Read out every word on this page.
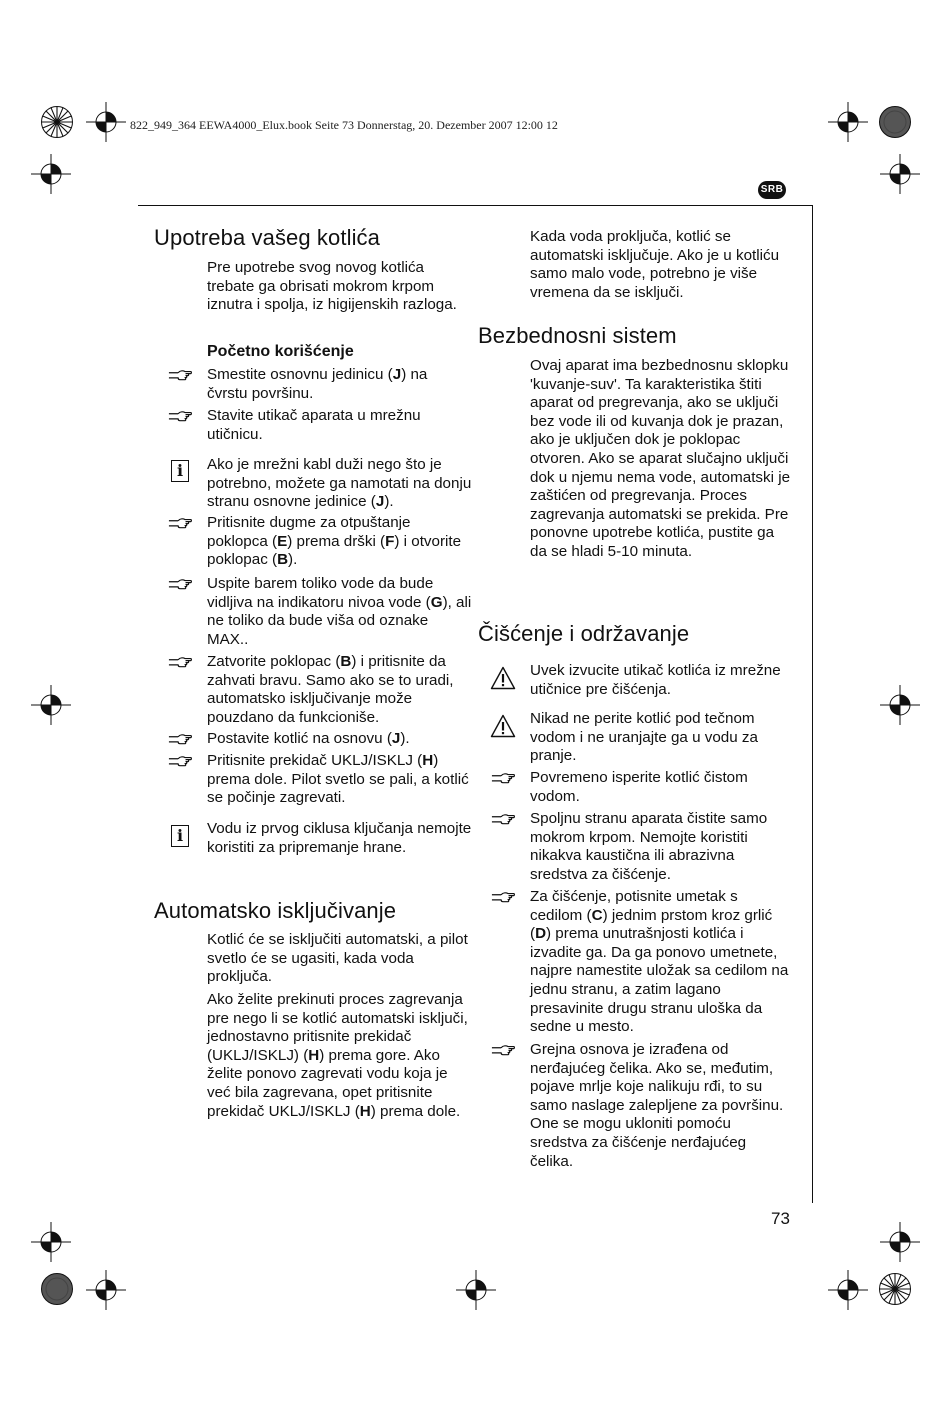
822_949_364 EEWA4000_Elux.book Seite 73 Donnerstag, 20. Dezember 2007 12:00 12
SRB
Upotreba vašeg kotlića

Pre upotrebe svog novog kotlića trebate ga obrisati mokrom krpom iznutra i spolja, iz higijenskih razloga.

Početno korišćenje

Smestite osnovnu jedinicu (J) na čvrstu površinu.

Stavite utikač aparata u mrežnu utičnicu.

i	Ako je mrežni kabl duži nego što je potrebno, možete ga namotati na donju stranu osnovne jedinice (J).

Pritisnite dugme za otpuštanje poklopca (E) prema drški (F) i otvorite poklopac (B).

Uspite barem toliko vode da bude vidljiva na indikatoru nivoa vode (G), ali ne toliko da bude viša od oznake MAX..

Zatvorite poklopac (B) i pritisnite da zahvati bravu. Samo ako se to uradi, automatsko isključivanje može pouzdano da funkcioniše.

Postavite kotlić na osnovu (J).

Pritisnite prekidač UKLJ/ISKLJ (H) prema dole. Pilot svetlo se pali, a kotlić se počinje zagrevati.

i	Vodu iz prvog ciklusa ključanja nemojte koristiti za pripremanje hrane.

Automatsko isključivanje

Kotlić će se isključiti automatski, a pilot svetlo će se ugasiti, kada voda proključa.

Ako želite prekinuti proces zagrevanja pre nego li se kotlić automatski isključi, jednostavno pritisnite prekidač (UKLJ/ISKLJ) (H) prema gore. Ako želite ponovo zagrevati vodu koja je već bila zagrevana, opet pritisnite prekidač UKLJ/ISKLJ (H) prema dole.

Kada voda proključa, kotlić se automatski isključuje. Ako je u kotliću samo malo vode, potrebno je više vremena da se isključi.

Bezbednosni sistem

Ovaj aparat ima bezbednosnu sklopku 'kuvanje-suv'. Ta karakteristika štiti aparat od pregrevanja, ako se uključi bez vode ili od kuvanja dok je prazan, ako je uključen dok je poklopac otvoren. Ako se aparat slučajno uključi dok u njemu nema vode, automatski je zaštićen od pregrevanja. Proces zagrevanja automatski se prekida. Pre ponovne upotrebe kotlića, pustite ga da se hladi 5-10 minuta.

Čišćenje i održavanje

Uvek izvucite utikač kotlića iz mrežne utičnice pre čišćenja.

Nikad ne perite kotlić pod tečnom vodom i ne uranjajte ga u vodu za pranje.

Povremeno isperite kotlić čistom vodom.

Spoljnu stranu aparata čistite samo mokrom krpom. Nemojte koristiti nikakva kaustična ili abrazivna sredstva za čišćenje.

Za čišćenje, potisnite umetak s cedilom (C) jednim prstom kroz grlić (D) prema unutrašnjosti kotlića i izvadite ga. Da ga ponovo umetnete, najpre namestite uložak sa cedilom na jednu stranu, a zatim lagano presavinite drugu stranu uloška da sedne u mesto.

Grejna osnova je izrađena od nerđajućeg čelika. Ako se, međutim, pojave mrlje koje nalikuju rđi, to su samo naslage zalepljene za površinu. One se mogu ukloniti pomoću sredstva za čišćenje nerđajućeg čelika.

73
